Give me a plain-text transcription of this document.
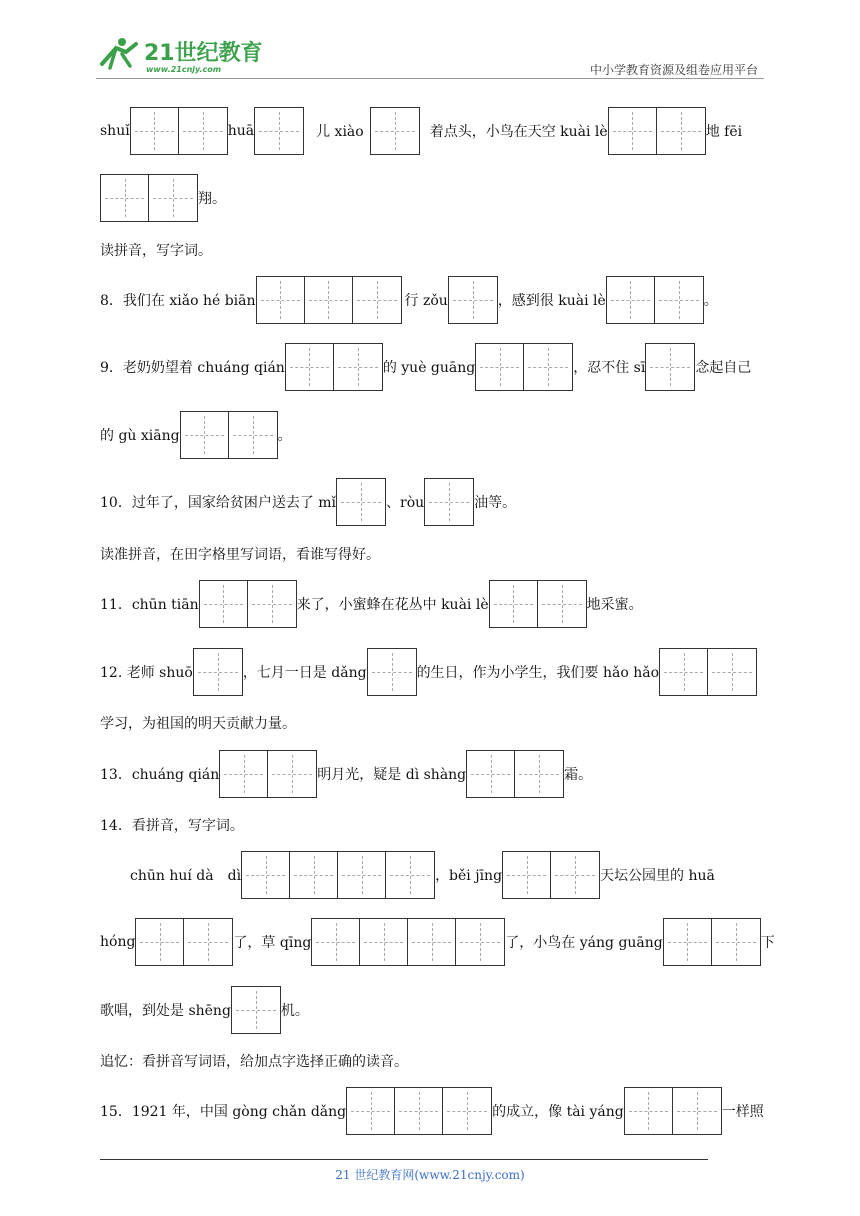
21世纪教育
www.21cnjy.com	中小学教育资源及组卷应用平台
shuǐ	huā	儿 xiào	着点头，小鸟在天空 kuài lè	地 fēi
翔。
读拼音，写字词。
8．我们在 xiǎo hé biān	行 zǒu	，感到很 kuài lè	。
9．老奶奶望着 chuáng qián	的 yuè guāng	，忍不住 sī	念起自己
的 gù xiāng	。
10．过年了，国家给贫困户送去了 mǐ	、ròu	油等。
读准拼音，在田字格里写词语，看谁写得好。
11．chūn tiān	来了，小蜜蜂在花丛中 kuài lè	地采蜜。
12. 老师 shuō	，七月一日是 dǎng	的生日，作为小学生，我们要 hǎo hǎo
学习，为祖国的明天贡献力量。
13．chuáng qián	明月光，疑是 dì shàng	霜。
14．看拼音，写字词。
chūn huí dà　dì	，běi jīng	天坛公园里的 huā
hóng	了，草 qīng	了，小鸟在 yáng guāng	下
歌唱，到处是 shēng	机。
追忆：看拼音写词语，给加点字选择正确的读音。
15．1921 年，中国 gòng chǎn dǎng	的成立，像 tài yáng	一样照
21 世纪教育网(www.21cnjy.com)
